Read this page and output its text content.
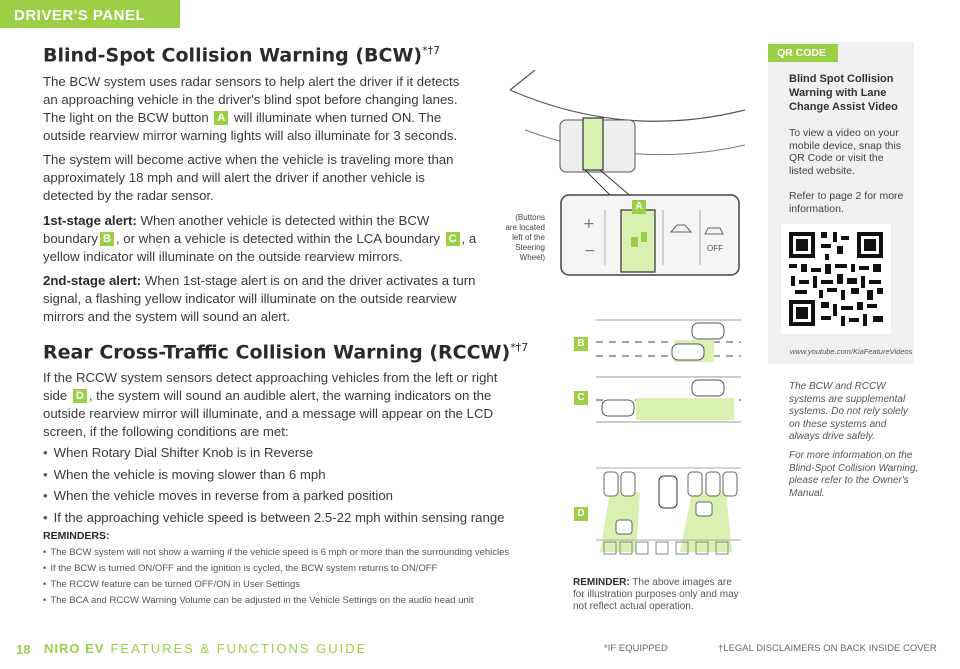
DRIVER'S PANEL
Blind-Spot Collision Warning (BCW)$^{*\dagger 7}$
The BCW system uses radar sensors to help alert the driver if it detects an approaching vehicle in the driver's blind spot before changing lanes. The light on the BCW button A will illuminate when turned ON. The outside rearview mirror warning lights will also illuminate for 3 seconds.
The system will become active when the vehicle is traveling more than approximately 18 mph and will alert the driver if another vehicle is detected by the radar sensor.
1st-stage alert: When another vehicle is detected within the BCW boundary B , or when a vehicle is detected within the LCA boundary C , a yellow indicator will illuminate on the outside rearview mirrors.
2nd-stage alert: When 1st-stage alert is on and the driver activates a turn signal, a flashing yellow indicator will illuminate on the outside rearview mirrors and the system will sound an alert.
Rear Cross-Traffic Collision Warning (RCCW)$^{*\dagger 7}$
If the RCCW system sensors detect approaching vehicles from the left or right side D , the system will sound an audible alert, the warning indicators on the outside rearview mirror will illuminate, and a message will appear on the LCD screen, if the following conditions are met:
• When Rotary Dial Shifter Knob is in Reverse
• When the vehicle is moving slower than 6 mph
• When the vehicle moves in reverse from a parked position
• If the approaching vehicle speed is between 2.5-22 mph within sensing range
REMINDERS:
• The BCW system will not show a warning if the vehicle speed is 6 mph or more than the surrounding vehicles
• If the BCW is turned ON/OFF and the ignition is cycled, the BCW system returns to ON/OFF
• The RCCW feature can be turned OFF/ON in User Settings
• The BCA and RCCW Warning Volume can be adjusted in the Vehicle Settings on the audio head unit
+
−	OFF
A
(Buttons are located left of the Steering Wheel)
B
C
D
REMINDER: The above images are for illustration purposes only and may not reflect actual operation.
QR CODE
Blind Spot Collision Warning with Lane Change Assist Video
To view a video on your mobile device, snap this QR Code or visit the listed website.
Refer to page 2 for more information.
www.youtube.com/KiaFeatureVideos
The BCW and RCCW systems are supplemental systems. Do not rely solely on these systems and always drive safely.
For more information on the Blind-Spot Collision Warning, please refer to the Owner's Manual.
18 NIRO EV FEATURES & FUNCTIONS GUIDE	*IF EQUIPPED	†LEGAL DISCLAIMERS ON BACK INSIDE COVER
